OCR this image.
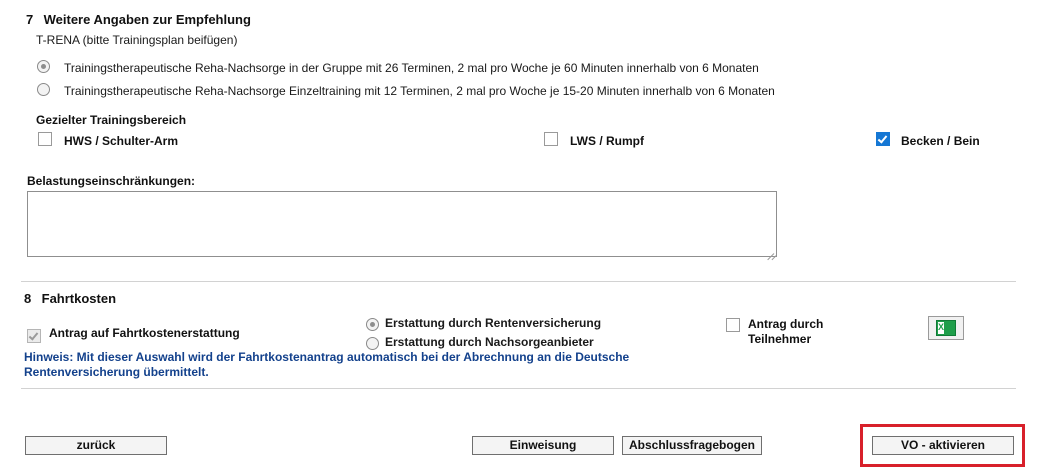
7 Weitere Angaben zur Empfehlung
T-RENA (bitte Trainingsplan beifügen)
Trainingstherapeutische Reha-Nachsorge in der Gruppe mit 26 Terminen, 2 mal pro Woche je 60 Minuten innerhalb von 6 Monaten
Trainingstherapeutische Reha-Nachsorge Einzeltraining mit 12 Terminen, 2 mal pro Woche je 15-20 Minuten innerhalb von 6 Monaten
Gezielter Trainingsbereich
HWS / Schulter-Arm	LWS / Rumpf	Becken / Bein
Belastungseinschränkungen:
8 Fahrtkosten
Antrag auf Fahrtkostenerstattung
Erstattung durch Rentenversicherung
Erstattung durch Nachsorgeanbieter
Antrag durch Teilnehmer
X
Hinweis: Mit dieser Auswahl wird der Fahrtkostenantrag automatisch bei der Abrechnung an die Deutsche Rentenversicherung übermittelt.
zurück	Einweisung	Abschlussfragebogen	VO - aktivieren
